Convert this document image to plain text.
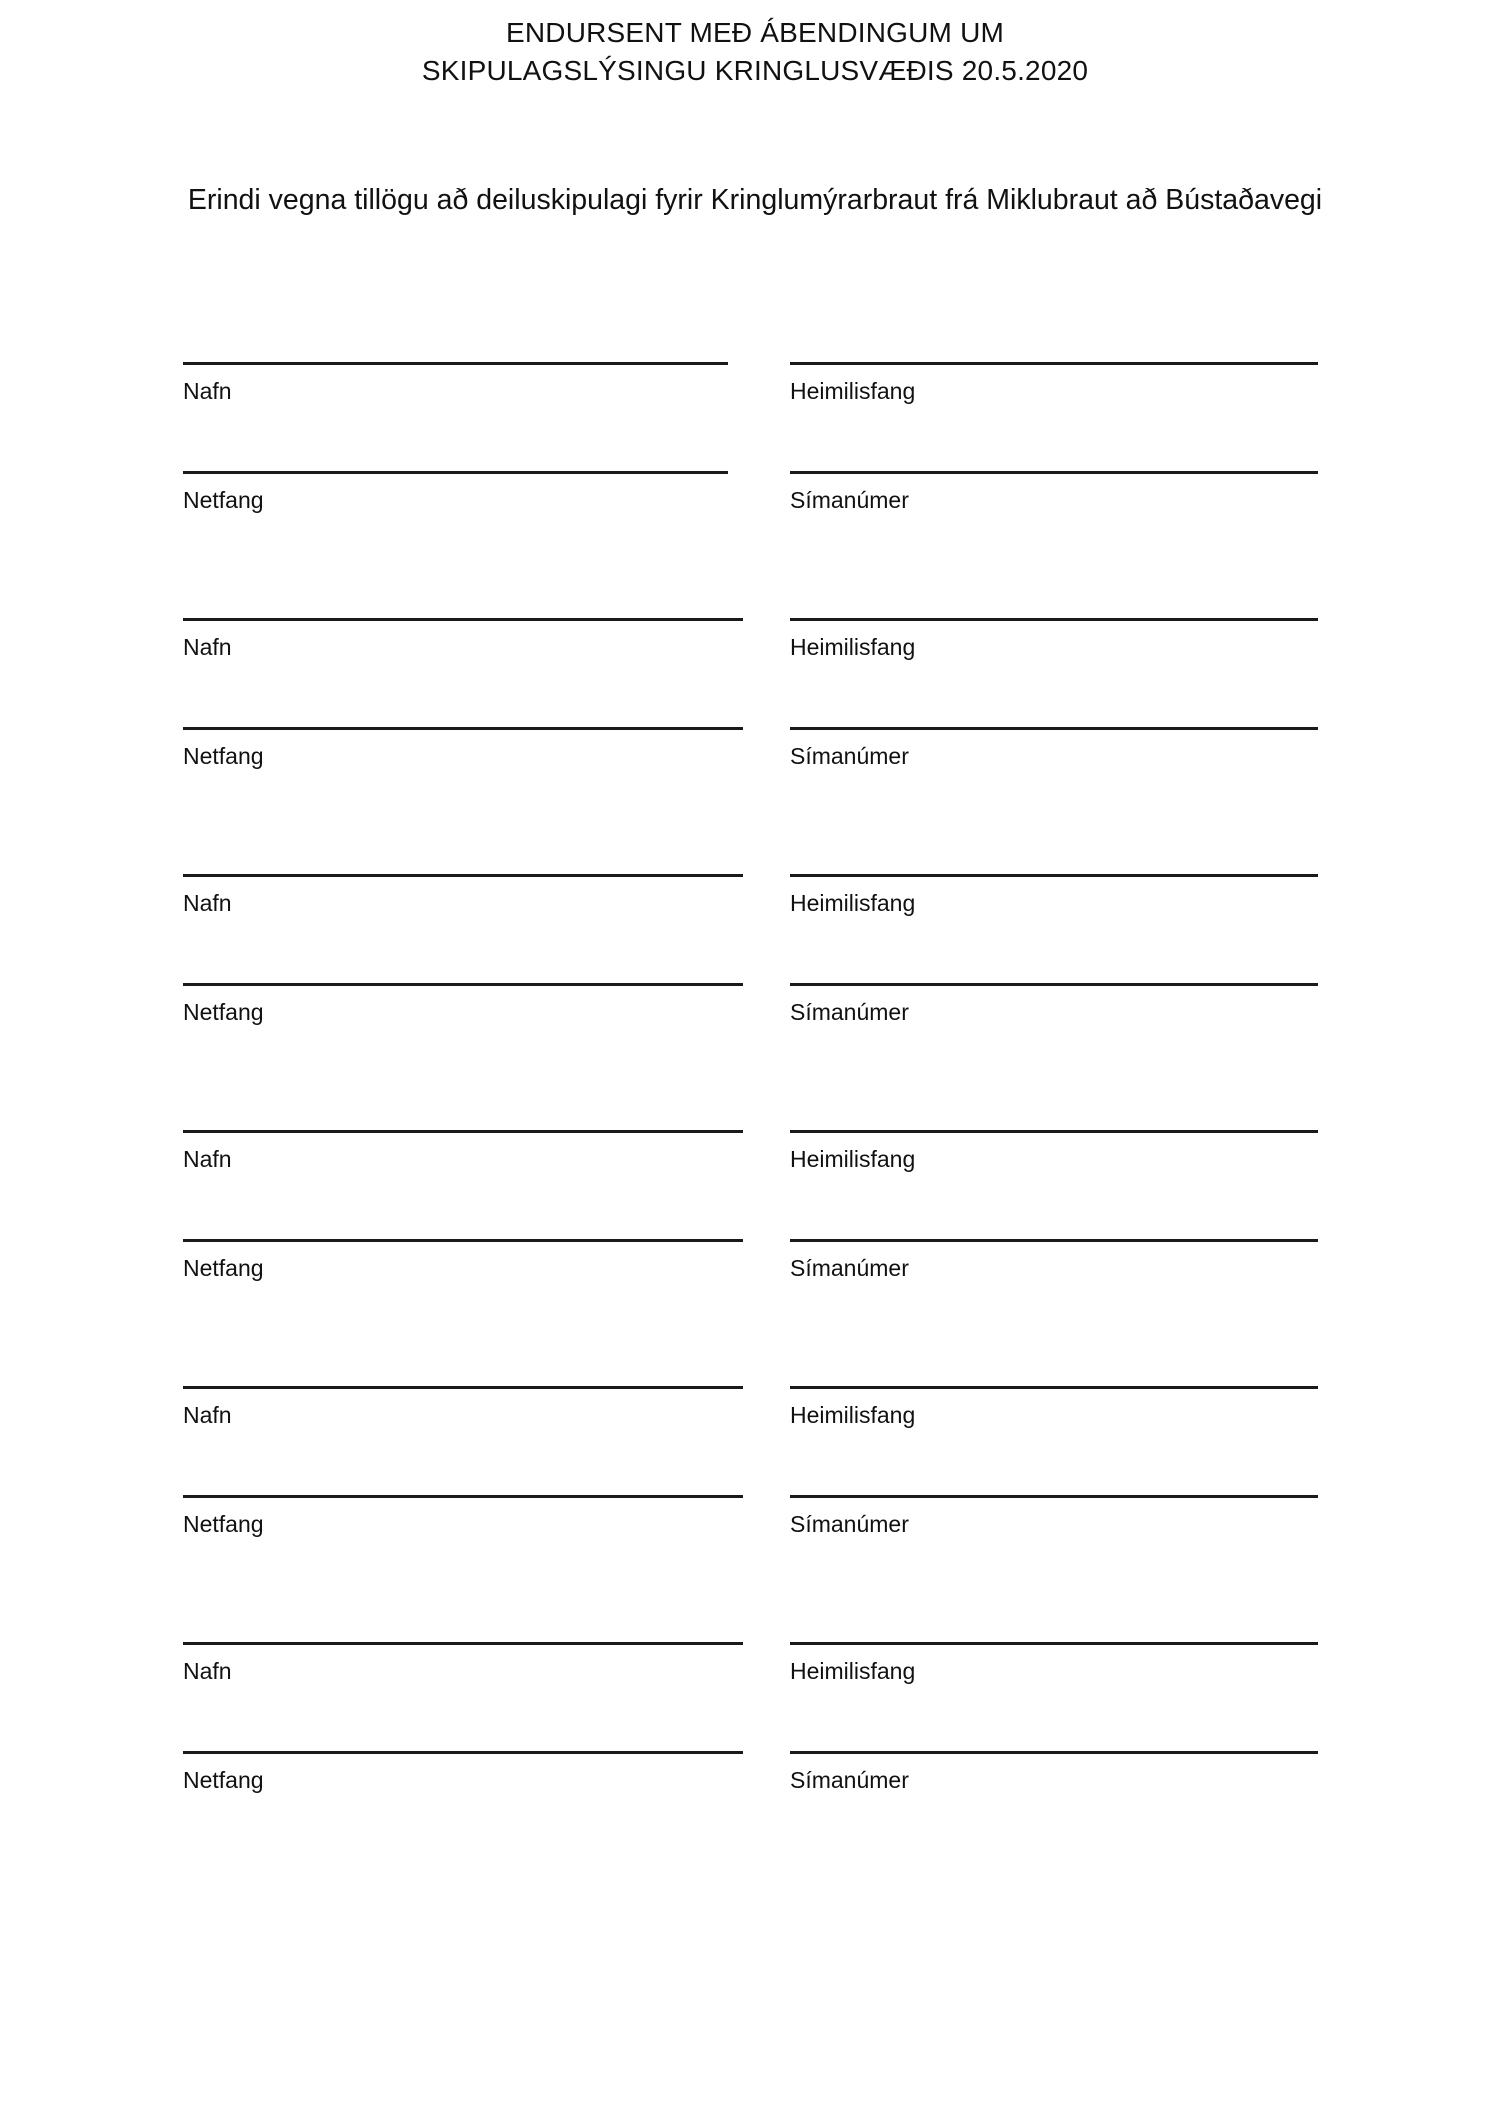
ENDURSENT MEÐ ÁBENDINGUM UM
SKIPULAGSLÝSINGU KRINGLUSVÆÐIS 20.5.2020
Erindi vegna tillögu að deiluskipulagi fyrir Kringlumýrarbraut frá Miklubraut að Bústaðavegi
Nafn	Heimilisfang
Netfang	Símanúmer
Nafn	Heimilisfang
Netfang	Símanúmer
Nafn	Heimilisfang
Netfang	Símanúmer
Nafn	Heimilisfang
Netfang	Símanúmer
Nafn	Heimilisfang
Netfang	Símanúmer
Nafn	Heimilisfang
Netfang	Símanúmer
